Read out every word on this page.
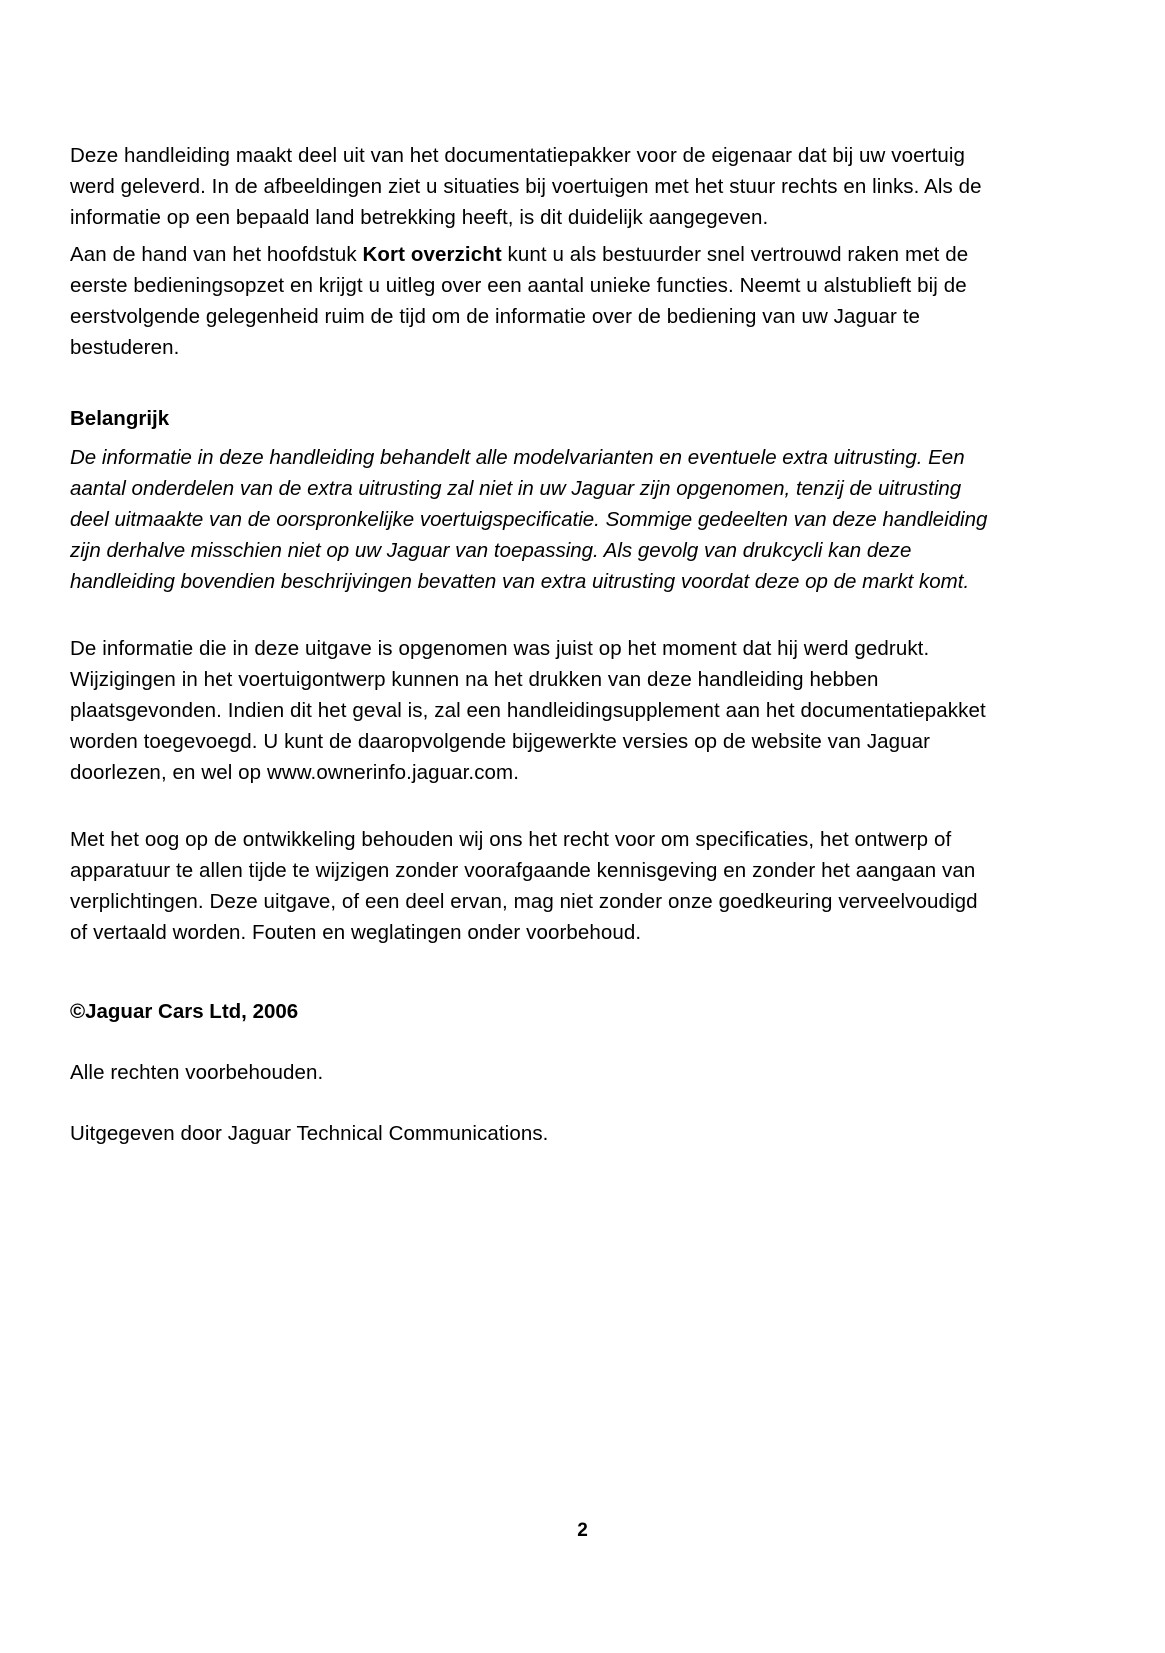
Deze handleiding maakt deel uit van het documentatiepakker voor de eigenaar dat bij uw voertuig werd geleverd. In de afbeeldingen ziet u situaties bij voertuigen met het stuur rechts en links. Als de informatie op een bepaald land betrekking heeft, is dit duidelijk aangegeven.

Aan de hand van het hoofdstuk Kort overzicht kunt u als bestuurder snel vertrouwd raken met de eerste bedieningsopzet en krijgt u uitleg over een aantal unieke functies. Neemt u alstublieft bij de eerstvolgende gelegenheid ruim de tijd om de informatie over de bediening van uw Jaguar te bestuderen.

Belangrijk

De informatie in deze handleiding behandelt alle modelvarianten en eventuele extra uitrusting. Een aantal onderdelen van de extra uitrusting zal niet in uw Jaguar zijn opgenomen, tenzij de uitrusting deel uitmaakte van de oorspronkelijke voertuigspecificatie. Sommige gedeelten van deze handleiding zijn derhalve misschien niet op uw Jaguar van toepassing. Als gevolg van drukcycli kan deze handleiding bovendien beschrijvingen bevatten van extra uitrusting voordat deze op de markt komt.

De informatie die in deze uitgave is opgenomen was juist op het moment dat hij werd gedrukt. Wijzigingen in het voertuigontwerp kunnen na het drukken van deze handleiding hebben plaatsgevonden. Indien dit het geval is, zal een handleidingsupplement aan het documentatiepakket worden toegevoegd. U kunt de daaropvolgende bijgewerkte versies op de website van Jaguar doorlezen, en wel op www.ownerinfo.jaguar.com.

Met het oog op de ontwikkeling behouden wij ons het recht voor om specificaties, het ontwerp of apparatuur te allen tijde te wijzigen zonder voorafgaande kennisgeving en zonder het aangaan van verplichtingen. Deze uitgave, of een deel ervan, mag niet zonder onze goedkeuring verveelvoudigd of vertaald worden. Fouten en weglatingen onder voorbehoud.

©Jaguar Cars Ltd, 2006

Alle rechten voorbehouden.

Uitgegeven door Jaguar Technical Communications.

2
